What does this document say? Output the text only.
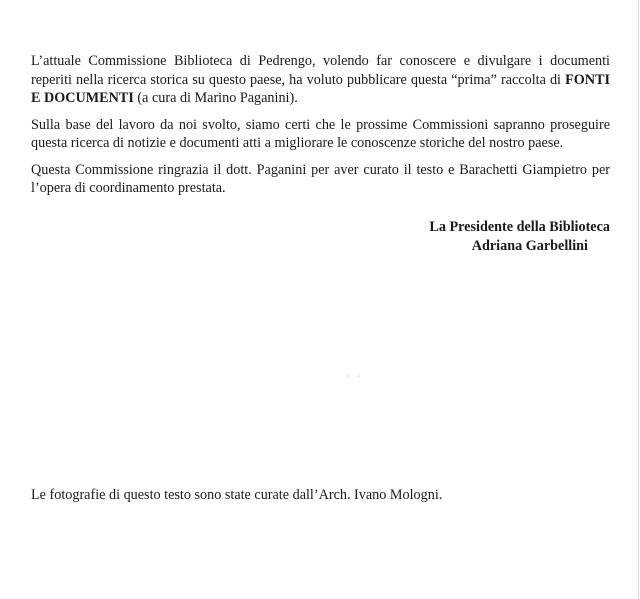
L’attuale Commissione Biblioteca di Pedrengo, volendo far conoscere e divulgare i documenti reperiti nella ricerca storica su questo paese, ha voluto pubblicare questa “prima” raccolta di FONTI E DOCUMENTI (a cura di Marino Paganini).

Sulla base del lavoro da noi svolto, siamo certi che le prossime Commissioni sapranno proseguire questa ricerca di notizie e documenti atti a migliorare le conoscenze storiche del nostro paese.

Questa Commissione ringrazia il dott. Paganini per aver curato il testo e Barachetti Giampietro per l’opera di coordinamento prestata.

La Presidente della Biblioteca

Adriana Garbellini
· ·
Le fotografie di questo testo sono state curate dall’Arch. Ivano Mologni.
